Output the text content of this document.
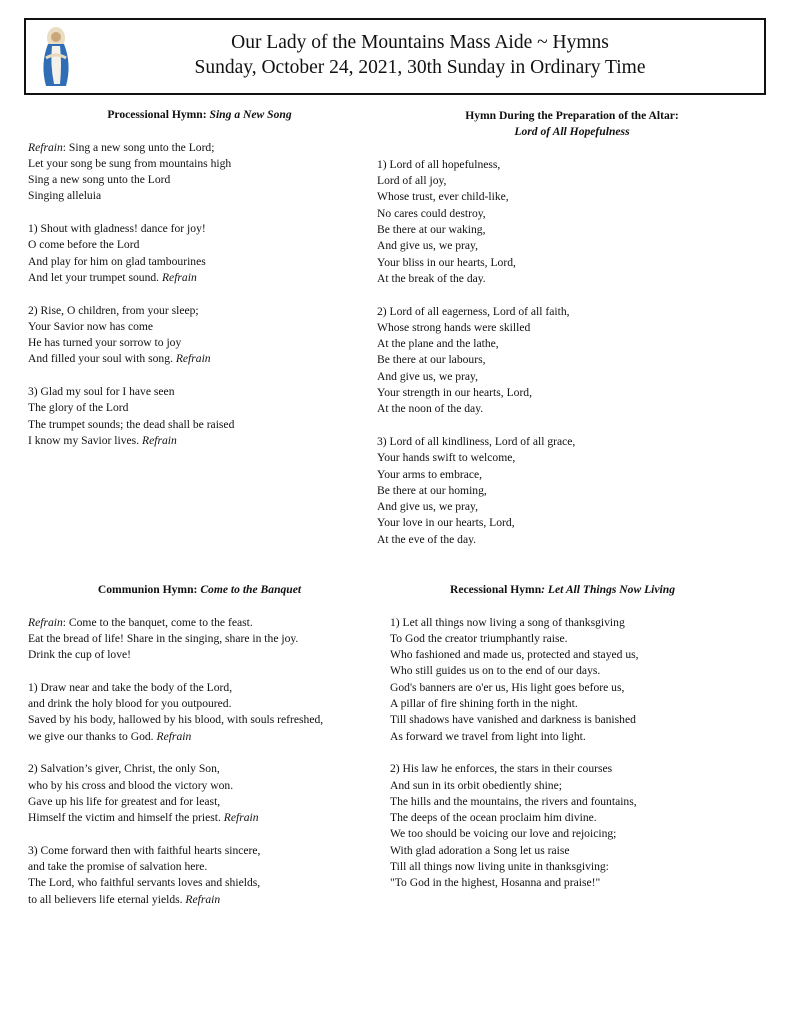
Our Lady of the Mountains Mass Aide ~ Hymns
Sunday, October 24, 2021, 30th Sunday in Ordinary Time
Processional Hymn: Sing a New Song

Refrain: Sing a new song unto the Lord;

Let your song be sung from mountains high

Sing a new song unto the Lord

Singing alleluia

1) Shout with gladness! dance for joy!

O come before the Lord

And play for him on glad tambourines

And let your trumpet sound. Refrain

2) Rise, O children, from your sleep;

Your Savior now has come

He has turned your sorrow to joy

And filled your soul with song. Refrain

3) Glad my soul for I have seen

The glory of the Lord

The trumpet sounds; the dead shall be raised

I know my Savior lives. Refrain

Hymn During the Preparation of the Altar:
Lord of All Hopefulness

1) Lord of all hopefulness,

Lord of all joy,

Whose trust, ever child-like,

No cares could destroy,

Be there at our waking,

And give us, we pray,

Your bliss in our hearts, Lord,

At the break of the day.

2) Lord of all eagerness, Lord of all faith,

Whose strong hands were skilled

At the plane and the lathe,

Be there at our labours,

And give us, we pray,

Your strength in our hearts, Lord,

At the noon of the day.

3) Lord of all kindliness, Lord of all grace,

Your hands swift to welcome,

Your arms to embrace,

Be there at our homing,

And give us, we pray,

Your love in our hearts, Lord,

At the eve of the day.

Communion Hymn: Come to the Banquet

Refrain: Come to the banquet, come to the feast.

Eat the bread of life! Share in the singing, share in the joy.

Drink the cup of love!

1) Draw near and take the body of the Lord,

and drink the holy blood for you outpoured.

Saved by his body, hallowed by his blood, with souls refreshed,

we give our thanks to God. Refrain

2) Salvation’s giver, Christ, the only Son,

who by his cross and blood the victory won.

Gave up his life for greatest and for least,

Himself the victim and himself the priest. Refrain

3) Come forward then with faithful hearts sincere,

and take the promise of salvation here.

The Lord, who faithful servants loves and shields,

to all believers life eternal yields. Refrain

Recessional Hymn: Let All Things Now Living

1) Let all things now living a song of thanksgiving

To God the creator triumphantly raise.

Who fashioned and made us, protected and stayed us,

Who still guides us on to the end of our days.

God's banners are o'er us, His light goes before us,

A pillar of fire shining forth in the night.

Till shadows have vanished and darkness is banished

As forward we travel from light into light.

2) His law he enforces, the stars in their courses

And sun in its orbit obediently shine;

The hills and the mountains, the rivers and fountains,

The deeps of the ocean proclaim him divine.

We too should be voicing our love and rejoicing;

With glad adoration a Song let us raise

Till all things now living unite in thanksgiving:

"To God in the highest, Hosanna and praise!"
